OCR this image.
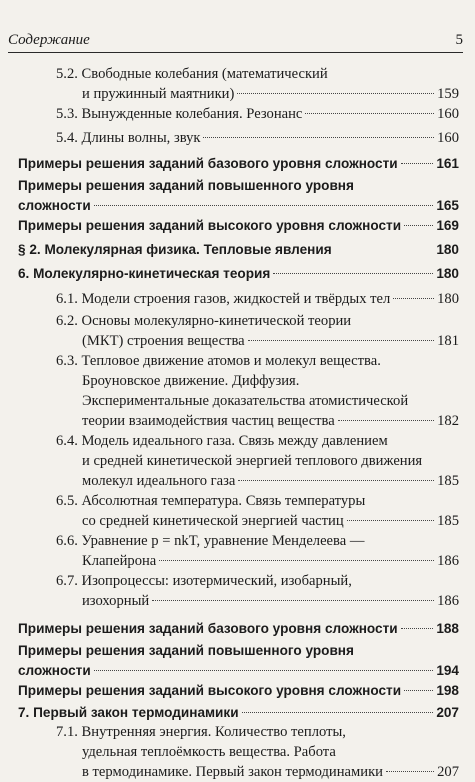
Содержание	5
5.2. Свободные колебания (математический
и пружинный маятники)	159
5.3. Вынужденные колебания. Резонанс	160
5.4. Длины волны, звук	160
Примеры решения заданий базового уровня сложности	161
Примеры решения заданий повышенного уровня
сложности	165
Примеры решения заданий высокого уровня сложности	169
§ 2. Молекулярная физика. Тепловые явления	180
6. Молекулярно-кинетическая теория	180
6.1. Модели строения газов, жидкостей и твёрдых тел	180
6.2. Основы молекулярно-кинетической теории
(МКТ) строения вещества	181
6.3. Тепловое движение атомов и молекул вещества.
Броуновское движение. Диффузия.
Экспериментальные доказательства атомистической
теории взаимодействия частиц вещества	182
6.4. Модель идеального газа. Связь между давлением
и средней кинетической энергией теплового движения
молекул идеального газа	185
6.5. Абсолютная температура. Связь температуры
со средней кинетической энергией частиц	185
6.6. Уравнение p = nkT, уравнение Менделеева —
Клапейрона	186
6.7. Изопроцессы: изотермический, изобарный,
изохорный	186
Примеры решения заданий базового уровня сложности	188
Примеры решения заданий повышенного уровня
сложности	194
Примеры решения заданий высокого уровня сложности	198
7. Первый закон термодинамики	207
7.1. Внутренняя энергия. Количество теплоты,
удельная теплоёмкость вещества. Работа
в термодинамике. Первый закон термодинамики	207
